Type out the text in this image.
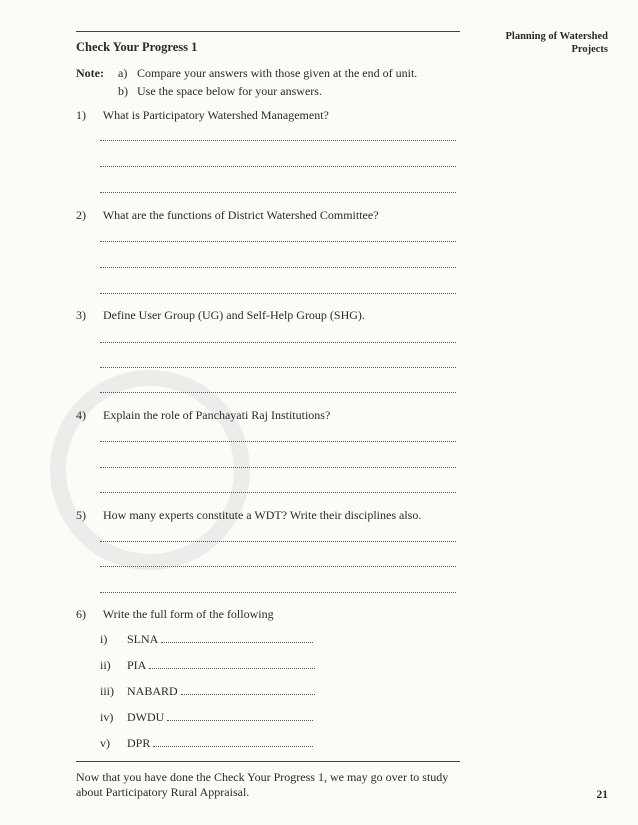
Planning of Watershed
Projects
Check Your Progress 1
Note: a) Compare your answers with those given at the end of unit.
b) Use the space below for your answers.
1) What is Participatory Watershed Management?
2) What are the functions of District Watershed Committee?
3) Define User Group (UG) and Self-Help Group (SHG).
4) Explain the role of Panchayati Raj Institutions?
5) How many experts constitute a WDT? Write their disciplines also.
6) Write the full form of the following
i) SLNA
ii) PIA
iii) NABARD
iv) DWDU
v) DPR
Now that you have done the Check Your Progress 1, we may go over to study
about Participatory Rural Appraisal.	21
